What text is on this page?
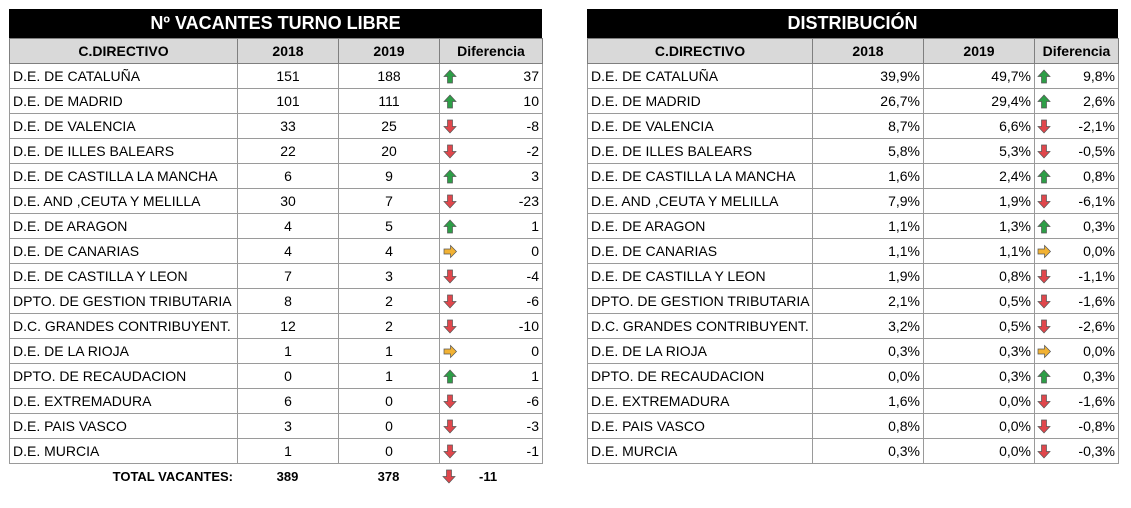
Nº VACANTES TURNO LIBRE
C.DIRECTIVO	2018	2019	Diferencia
D.E. DE CATALUÑA	151	188	37
D.E. DE MADRID	101	111	10
D.E. DE VALENCIA	33	25	-8
D.E. DE ILLES BALEARS	22	20	-2
D.E. DE CASTILLA LA MANCHA	6	9	3
D.E. AND ,CEUTA Y MELILLA	30	7	-23
D.E. DE ARAGON	4	5	1
D.E. DE CANARIAS	4	4	0
D.E. DE CASTILLA Y LEON	7	3	-4
DPTO. DE GESTION TRIBUTARIA	8	2	-6
D.C. GRANDES CONTRIBUYENT.	12	2	-10
D.E. DE LA RIOJA	1	1	0
DPTO. DE RECAUDACION	0	1	1
D.E. EXTREMADURA	6	0	-6
D.E. PAIS VASCO	3	0	-3
D.E. MURCIA	1	0	-1
TOTAL VACANTES:	389	378	-11
DISTRIBUCIÓN
C.DIRECTIVO	2018	2019	Diferencia
D.E. DE CATALUÑA	39,9%	49,7%	9,8%
D.E. DE MADRID	26,7%	29,4%	2,6%
D.E. DE VALENCIA	8,7%	6,6%	-2,1%
D.E. DE ILLES BALEARS	5,8%	5,3%	-0,5%
D.E. DE CASTILLA LA MANCHA	1,6%	2,4%	0,8%
D.E. AND ,CEUTA Y MELILLA	7,9%	1,9%	-6,1%
D.E. DE ARAGON	1,1%	1,3%	0,3%
D.E. DE CANARIAS	1,1%	1,1%	0,0%
D.E. DE CASTILLA Y LEON	1,9%	0,8%	-1,1%
DPTO. DE GESTION TRIBUTARIA	2,1%	0,5%	-1,6%
D.C. GRANDES CONTRIBUYENT.	3,2%	0,5%	-2,6%
D.E. DE LA RIOJA	0,3%	0,3%	0,0%
DPTO. DE RECAUDACION	0,0%	0,3%	0,3%
D.E. EXTREMADURA	1,6%	0,0%	-1,6%
D.E. PAIS VASCO	0,8%	0,0%	-0,8%
D.E. MURCIA	0,3%	0,0%	-0,3%
